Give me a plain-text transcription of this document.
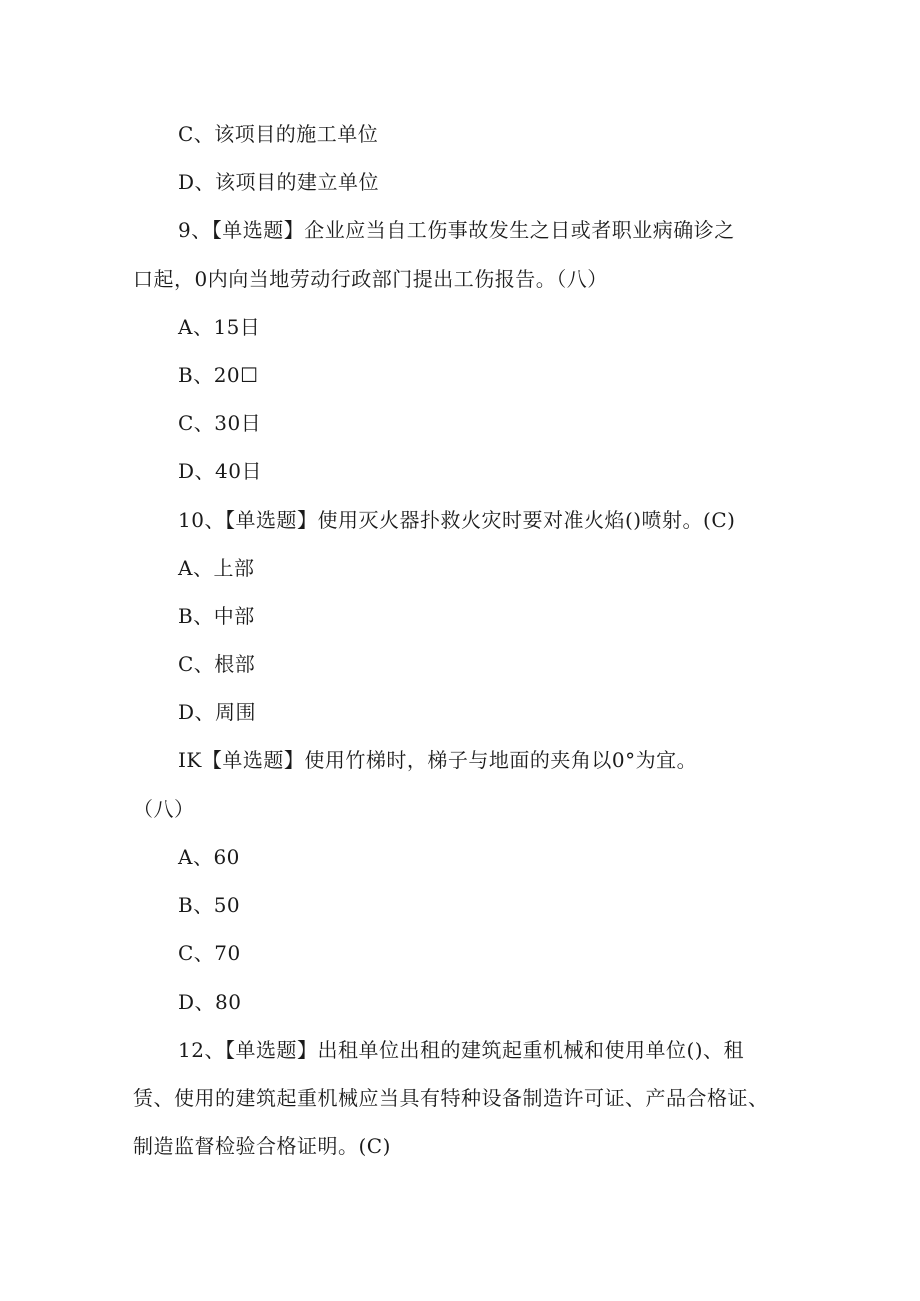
C、该项目的施工单位
D、该项目的建立单位
9、【单选题】企业应当自工伤事故发生之日或者职业病确诊之
口起，0内向当地劳动行政部门提出工伤报告。（八）
A、15日
B、20☐
C、30日
D、40日
10、【单选题】使用灭火器扑救火灾时要对准火焰()喷射。(C)
A、上部
B、中部
C、根部
D、周围
IK【单选题】使用竹梯时，梯子与地面的夹角以0°为宜。
（八）
A、60
B、50
C、70
D、80
12、【单选题】出租单位出租的建筑起重机械和使用单位()、租
赁、使用的建筑起重机械应当具有特种设备制造许可证、产品合格证、
制造监督检验合格证明。(C)
